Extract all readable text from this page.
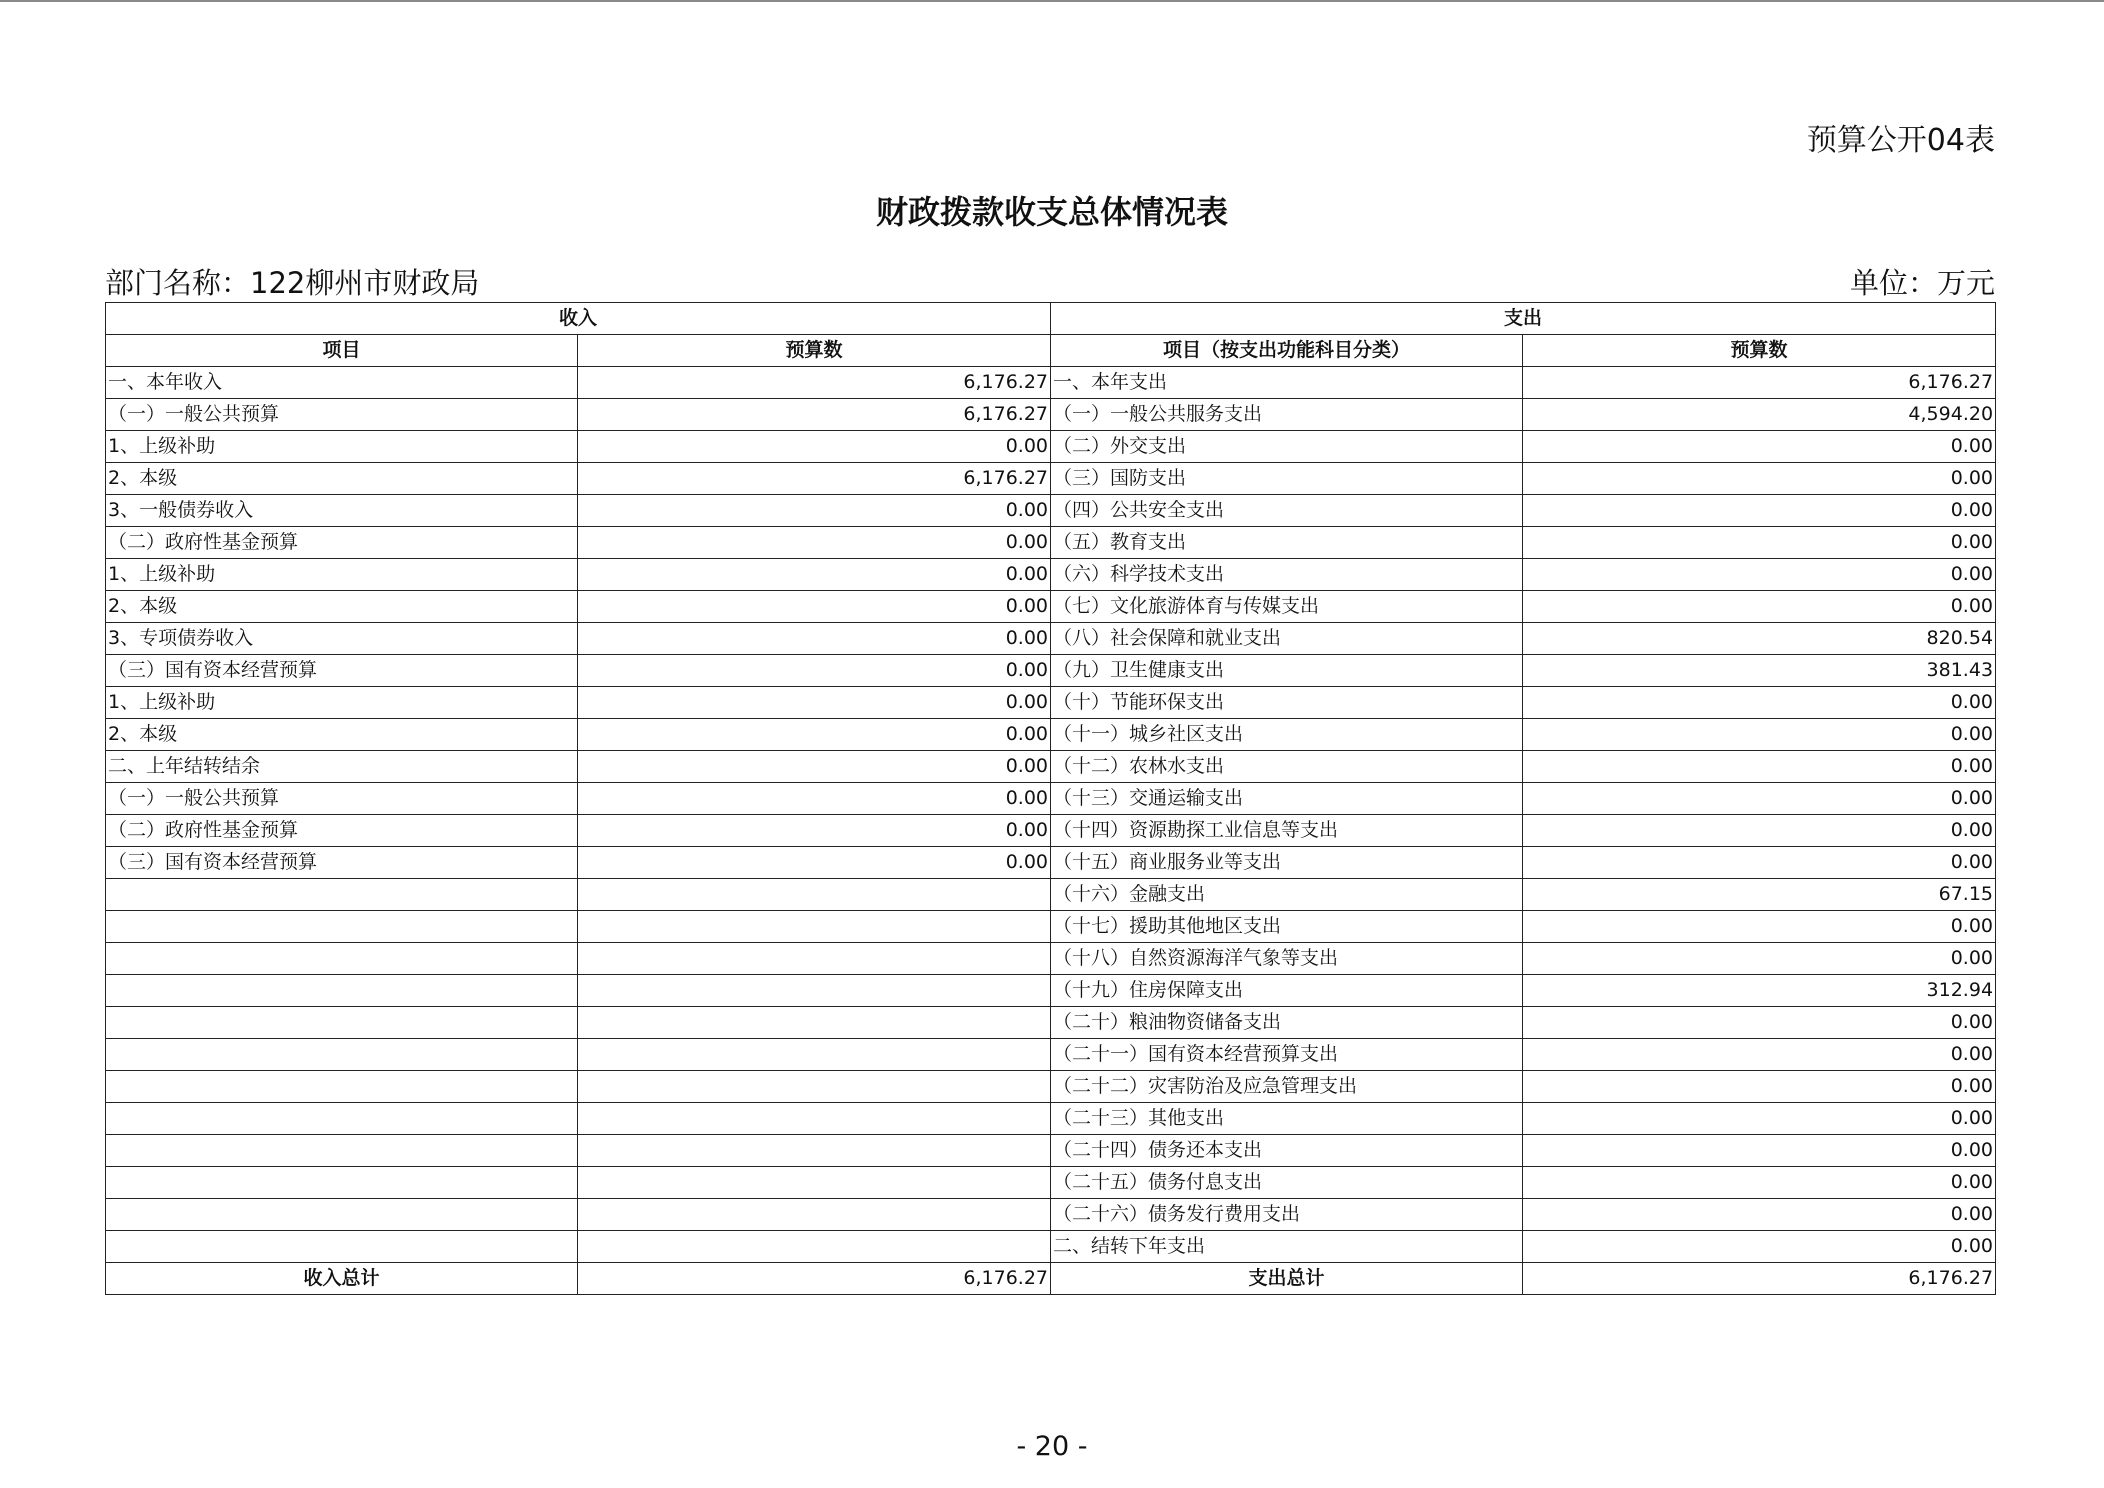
预算公开04表
财政拨款收支总体情况表
部门名称：122柳州市财政局	单位：万元
收入		支出	
项目	预算数	项目（按支出功能科目分类）	预算数
一、本年收入	6,176.27	一、本年支出	6,176.27
（一）一般公共预算	6,176.27	（一）一般公共服务支出	4,594.20
1、上级补助	0.00	（二）外交支出	0.00
2、本级	6,176.27	（三）国防支出	0.00
3、一般债券收入	0.00	（四）公共安全支出	0.00
（二）政府性基金预算	0.00	（五）教育支出	0.00
1、上级补助	0.00	（六）科学技术支出	0.00
2、本级	0.00	（七）文化旅游体育与传媒支出	0.00
3、专项债券收入	0.00	（八）社会保障和就业支出	820.54
（三）国有资本经营预算	0.00	（九）卫生健康支出	381.43
1、上级补助	0.00	（十）节能环保支出	0.00
2、本级	0.00	（十一）城乡社区支出	0.00
二、上年结转结余	0.00	（十二）农林水支出	0.00
（一）一般公共预算	0.00	（十三）交通运输支出	0.00
（二）政府性基金预算	0.00	（十四）资源勘探工业信息等支出	0.00
（三）国有资本经营预算	0.00	（十五）商业服务业等支出	0.00
		（十六）金融支出	67.15
		（十七）援助其他地区支出	0.00
		（十八）自然资源海洋气象等支出	0.00
		（十九）住房保障支出	312.94
		（二十）粮油物资储备支出	0.00
		（二十一）国有资本经营预算支出	0.00
		（二十二）灾害防治及应急管理支出	0.00
		（二十三）其他支出	0.00
		（二十四）债务还本支出	0.00
		（二十五）债务付息支出	0.00
		（二十六）债务发行费用支出	0.00
		二、结转下年支出	0.00
收入总计	6,176.27	支出总计	6,176.27
- 20 -
